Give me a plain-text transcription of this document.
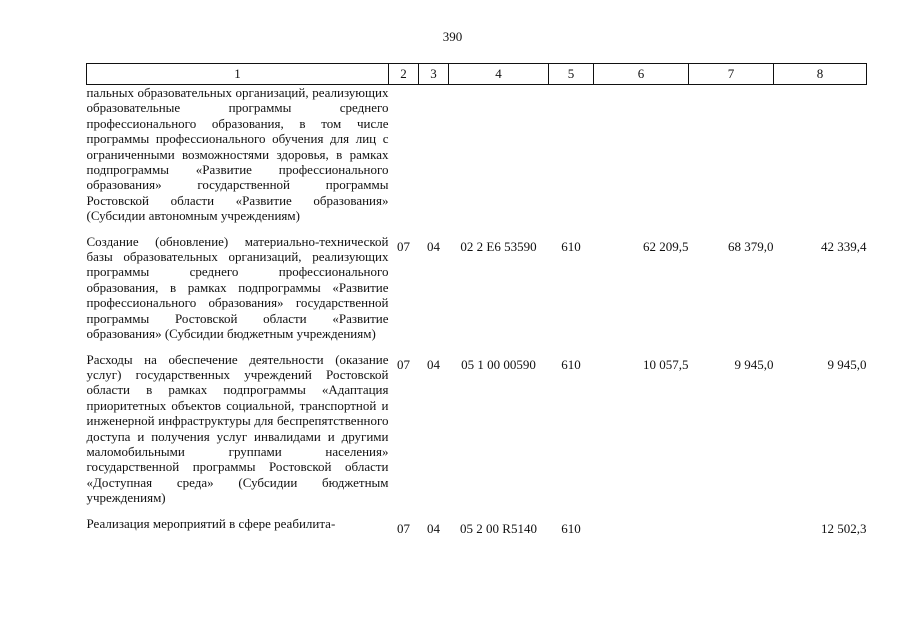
390
1	2	3	4	5	6	7	8
пальных образовательных организаций, реализующих образовательные программы среднего профессионального образования, в том числе программы профессионального обучения для лиц с ограниченными возможностями здоровья, в рамках подпрограммы «Развитие профессионального образования» государственной программы Ростовской области «Развитие образования» (Субсидии автономным учреждениям)							
Создание (обновление) материально-технической базы образовательных организаций, реализующих программы среднего профессионального образования, в рамках подпрограммы «Развитие профессионального образования» государственной программы Ростовской области «Развитие образования» (Субсидии бюджетным учреждениям)	07	04	02 2 E6 53590	610	62 209,5	68 379,0	42 339,4
Расходы на обеспечение деятельности (оказание услуг) государственных учреждений Ростовской области в рамках подпрограммы «Адаптация приоритетных объектов социальной, транспортной и инженерной инфраструктуры для беспрепятственного доступа и получения услуг инвалидами и другими маломобильными группами населения» государственной программы Ростовской области «Доступная среда» (Субсидии бюджетным учреждениям)	07	04	05 1 00 00590	610	10 057,5	9 945,0	9 945,0
Реализация мероприятий в сфере реабилита-	07	04	05 2 00 R5140	610			12 502,3
